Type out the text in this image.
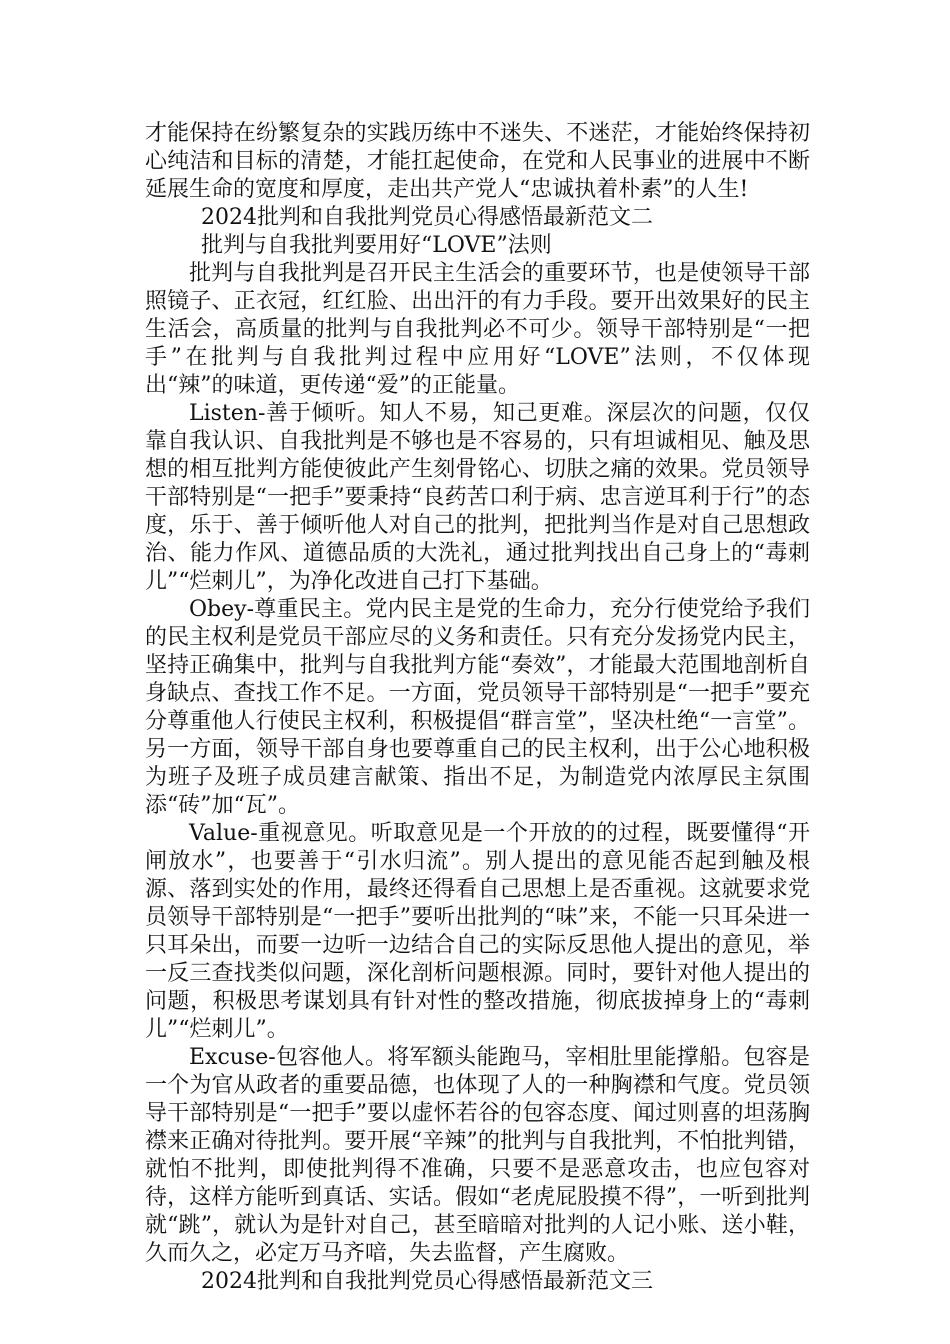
才能保持在纷繁复杂的实践历练中不迷失、不迷茫，才能始终保持初心纯洁和目标的清楚，才能扛起使命，在党和人民事业的进展中不断延展生命的宽度和厚度，走出共产党人“忠诚执着朴素”的人生!

2024批判和自我批判党员心得感悟最新范文二

批判与自我批判要用好“LOVE”法则

批判与自我批判是召开民主生活会的重要环节，也是使领导干部照镜子、正衣冠，红红脸、出出汗的有力手段。要开出效果好的民主生活会，高质量的批判与自我批判必不可少。领导干部特别是“一把手”在批判与自我批判过程中应用好“LOVE”法则，不仅体现出“辣”的味道，更传递“爱”的正能量。

Listen-善于倾听。知人不易，知己更难。深层次的问题，仅仅靠自我认识、自我批判是不够也是不容易的，只有坦诚相见、触及思想的相互批判方能使彼此产生刻骨铭心、切肤之痛的效果。党员领导干部特别是“一把手”要秉持“良药苦口利于病、忠言逆耳利于行”的态度，乐于、善于倾听他人对自己的批判，把批判当作是对自己思想政治、能力作风、道德品质的大洗礼，通过批判找出自己身上的“毒刺儿”“烂刺儿”，为净化改进自己打下基础。

Obey-尊重民主。党内民主是党的生命力，充分行使党给予我们的民主权利是党员干部应尽的义务和责任。只有充分发扬党内民主，坚持正确集中，批判与自我批判方能“奏效”，才能最大范围地剖析自身缺点、查找工作不足。一方面，党员领导干部特别是“一把手”要充分尊重他人行使民主权利，积极提倡“群言堂”，坚决杜绝“一言堂”。另一方面，领导干部自身也要尊重自己的民主权利，出于公心地积极为班子及班子成员建言献策、指出不足，为制造党内浓厚民主氛围添“砖”加“瓦”。

Value-重视意见。听取意见是一个开放的的过程，既要懂得“开闸放水”，也要善于“引水归流”。别人提出的意见能否起到触及根源、落到实处的作用，最终还得看自己思想上是否重视。这就要求党员领导干部特别是“一把手”要听出批判的“味”来，不能一只耳朵进一只耳朵出，而要一边听一边结合自己的实际反思他人提出的意见，举一反三查找类似问题，深化剖析问题根源。同时，要针对他人提出的问题，积极思考谋划具有针对性的整改措施，彻底拔掉身上的“毒刺儿”“烂刺儿”。

Excuse-包容他人。将军额头能跑马，宰相肚里能撑船。包容是一个为官从政者的重要品德，也体现了人的一种胸襟和气度。党员领导干部特别是“一把手”要以虚怀若谷的包容态度、闻过则喜的坦荡胸襟来正确对待批判。要开展“辛辣”的批判与自我批判，不怕批判错，就怕不批判，即使批判得不准确，只要不是恶意攻击，也应包容对待，这样方能听到真话、实话。假如“老虎屁股摸不得”，一听到批判就“跳”，就认为是针对自己，甚至暗暗对批判的人记小账、送小鞋，久而久之，必定万马齐喑，失去监督，产生腐败。

2024批判和自我批判党员心得感悟最新范文三
